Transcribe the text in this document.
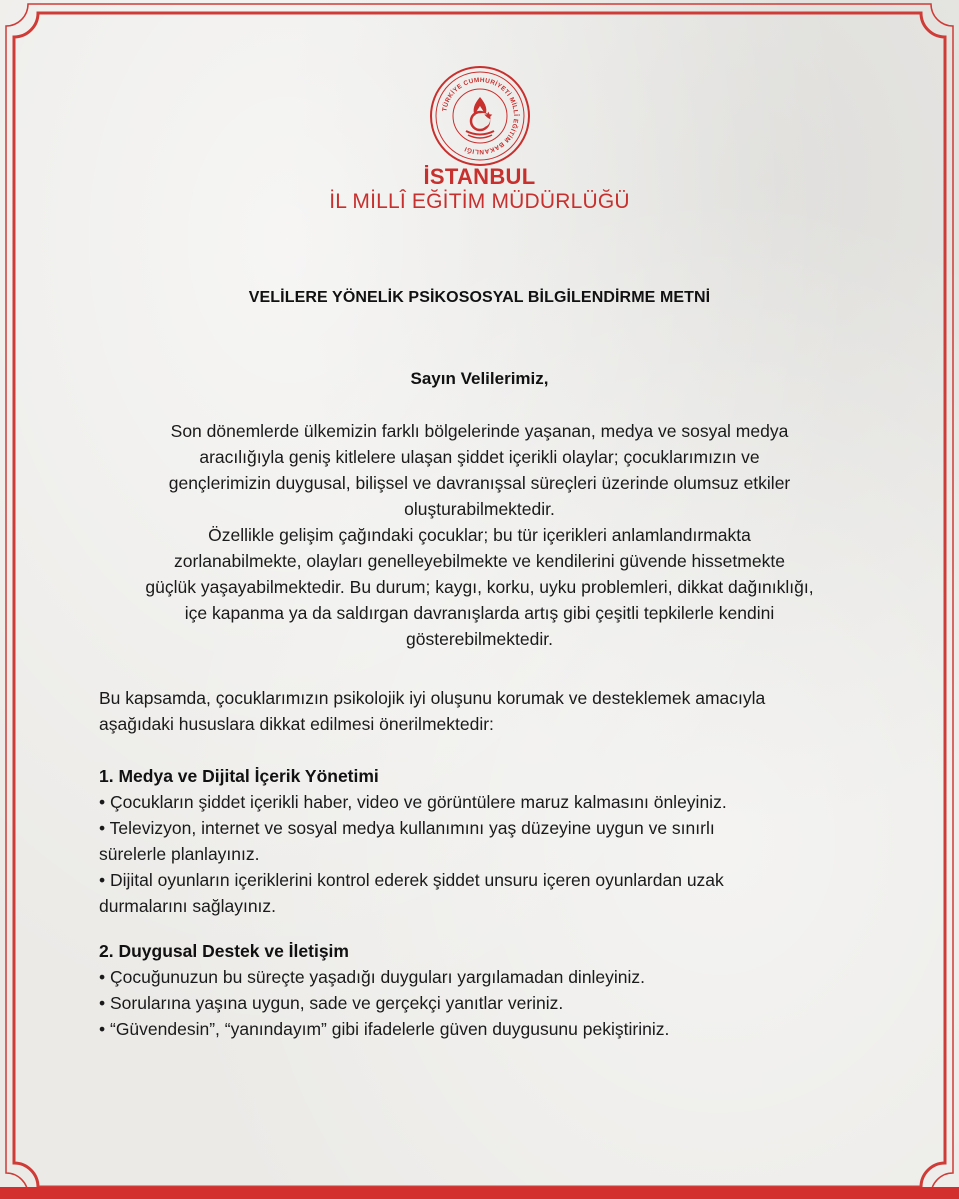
TÜRKİYE CUMHURİYETİ MİLLÎ EĞİTİM BAKANLIĞI
İSTANBUL
İL MİLLÎ EĞİTİM MÜDÜRLÜĞÜ
VELİLERE YÖNELİK PSİKOSOSYAL BİLGİLENDİRME METNİ
Sayın Velilerimiz,
Son dönemlerde ülkemizin farklı bölgelerinde yaşanan, medya ve sosyal medya
aracılığıyla geniş kitlelere ulaşan şiddet içerikli olaylar; çocuklarımızın ve
gençlerimizin duygusal, bilişsel ve davranışsal süreçleri üzerinde olumsuz etkiler
oluşturabilmektedir.
Özellikle gelişim çağındaki çocuklar; bu tür içerikleri anlamlandırmakta
zorlanabilmekte, olayları genelleyebilmekte ve kendilerini güvende hissetmekte
güçlük yaşayabilmektedir. Bu durum; kaygı, korku, uyku problemleri, dikkat dağınıklığı,
içe kapanma ya da saldırgan davranışlarda artış gibi çeşitli tepkilerle kendini
gösterebilmektedir.
Bu kapsamda, çocuklarımızın psikolojik iyi oluşunu korumak ve desteklemek amacıyla
aşağıdaki hususlara dikkat edilmesi önerilmektedir:
1. Medya ve Dijital İçerik Yönetimi
• Çocukların şiddet içerikli haber, video ve görüntülere maruz kalmasını önleyiniz.
• Televizyon, internet ve sosyal medya kullanımını yaş düzeyine uygun ve sınırlı
sürelerle planlayınız.
• Dijital oyunların içeriklerini kontrol ederek şiddet unsuru içeren oyunlardan uzak
durmalarını sağlayınız.
2. Duygusal Destek ve İletişim
• Çocuğunuzun bu süreçte yaşadığı duyguları yargılamadan dinleyiniz.
• Sorularına yaşına uygun, sade ve gerçekçi yanıtlar veriniz.
• “Güvendesin”, “yanındayım” gibi ifadelerle güven duygusunu pekiştiriniz.
